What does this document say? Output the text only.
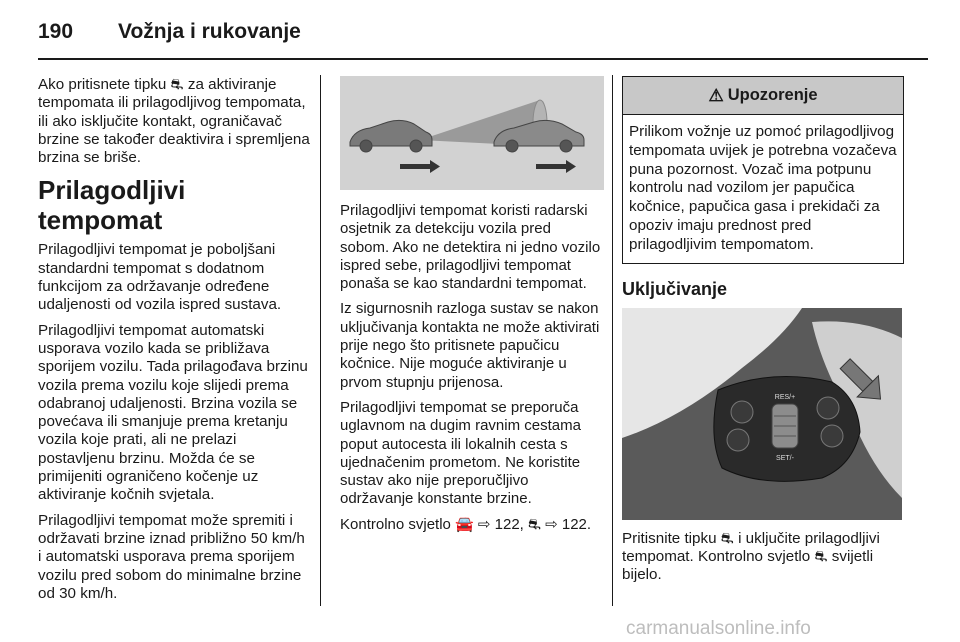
190 Vožnja i rukovanje

Ako pritisnete tipku ⛐ za aktiviranje tempomata ili prilagodljivog tempomata, ili ako isključite kontakt, ograničavač brzine se također deaktivira i spremljena brzina se briše.

Prilagodljivi tempomat

Prilagodljivi tempomat je poboljšani standardni tempomat s dodatnom funkcijom za održavanje određene udaljenosti od vozila ispred sustava.

Prilagodljivi tempomat automatski usporava vozilo kada se približava sporijem vozilu. Tada prilagođava brzinu vozila prema vozilu koje slijedi prema odabranoj udaljenosti. Brzina vozila se povećava ili smanjuje prema kretanju vozila koje prati, ali ne prelazi postavljenu brzinu. Možda će se primijeniti ograničeno kočenje uz aktiviranje kočnih svjetala.

Prilagodljivi tempomat može spremiti i održavati brzine iznad približno 50 km/h i automatski usporava prema sporijem vozilu pred sobom do minimalne brzine od 30 km/h.

Prilagodljivi tempomat koristi radarski osjetnik za detekciju vozila pred sobom. Ako ne detektira ni jedno vozilo ispred sebe, prilagodljivi tempomat ponaša se kao standardni tempomat.

Iz sigurnosnih razloga sustav se nakon uključivanja kontakta ne može aktivirati prije nego što pritisnete papučicu kočnice. Nije moguće aktiviranje u prvom stupnju prijenosa.

Prilagodljivi tempomat se preporuča uglavnom na dugim ravnim cestama poput autocesta ili lokalnih cesta s ujednačenim prometom. Ne koristite sustav ako nije preporučljivo održavanje konstante brzine.

Kontrolno svjetlo 🚘 ⇨ 122, ⛐ ⇨ 122.

⚠ Upozorenje

Prilikom vožnje uz pomoć prilagodljivog tempomata uvijek je potrebna vozačeva puna pozornost. Vozač ima potpunu kontrolu nad vozilom jer papučica kočnice, papučica gasa i prekidači za opoziv imaju prednost pred prilagodljivim tempomatom.

Uključivanje
RES/+
SET/-

Pritisnite tipku ⛐ i uključite prilagodljivi tempomat. Kontrolno svjetlo ⛐ svijetli bijelo.

carmanualsonline.info
